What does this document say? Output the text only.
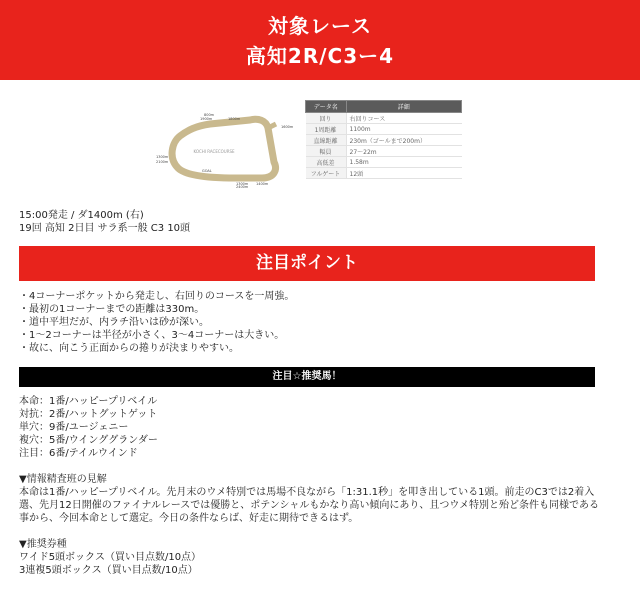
対象レース
高知2R/C3ー4
KOCHI RACECOURSE
800m
1900m	1800m
1600m
1300m
2100m
GOAL
1300m
2400m
1400m
データ名	詳細
回り	右回りコース
1周距離	1100m
直線距離	230m（ゴールまで200m）
幅員	27〜22m
高低差	1.58m
フルゲート	12頭
15:00発走 / ダ1400m (右)
19回 高知 2日目 サラ系一般 C3 10頭
注目ポイント
・4コーナーポケットから発走し、右回りのコースを一周強。
・最初の1コーナーまでの距離は330m。
・道中平坦だが、内ラチ沿いは砂が深い。
・1〜2コーナーは半径が小さく、3〜4コーナーは大きい。
・故に、向こう正面からの捲りが決まりやすい。
注目☆推奨馬！
本命：1番/ハッピープリベイル
対抗：2番/ハットグットゲット
単穴：9番/ユージェニー
複穴：5番/ウインググランダー
注目：6番/テイルウインド
▼情報精査班の見解
本命は1番/ハッピープリベイル。先月末のウメ特別では馬場不良ながら「1:31.1秒」を叩き出している1頭。前走のC3では2着入選、先月12日開催のファイナルレースでは優勝と、ポテンシャルもかなり高い傾向にあり、且つウメ特別と殆ど条件も同様である事から、今回本命として選定。今日の条件ならば、好走に期待できるはず。
▼推奨券種
ワイド5頭ボックス（買い目点数/10点）
3連複5頭ボックス（買い目点数/10点）
